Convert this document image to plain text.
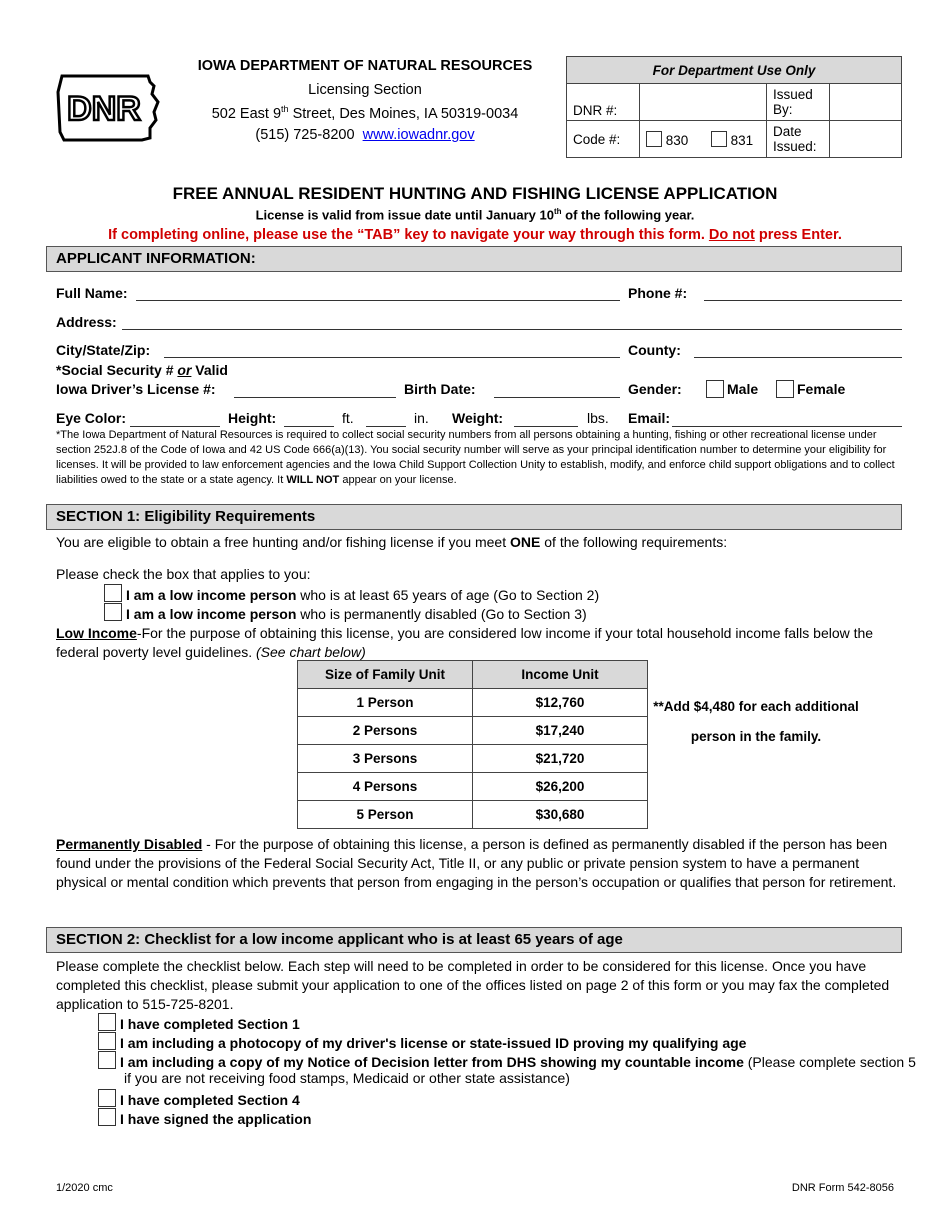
DNR
IOWA DEPARTMENT OF NATURAL RESOURCES
Licensing Section
502 East 9th Street, Des Moines, IA 50319-0034
(515) 725-8200 www.iowadnr.gov
For Department Use Only			
DNR #:		Issued By:	
Code #:	830 831	Date Issued:	
FREE ANNUAL RESIDENT HUNTING AND FISHING LICENSE APPLICATION
License is valid from issue date until January 10th of the following year.
If completing online, please use the “TAB” key to navigate your way through this form. Do not press Enter.
APPLICANT INFORMATION:
Full Name:	Phone #:
Address:
City/State/Zip:	County:
*Social Security # or Valid
Iowa Driver’s License #:	Birth Date:	Gender:	Male	Female
Eye Color:	Height:	ft.	in. Weight:	lbs. Email:
*The Iowa Department of Natural Resources is required to collect social security numbers from all persons obtaining a hunting, fishing or other recreational license under section 252J.8 of the Code of Iowa and 42 US Code 666(a)(13). You social security number will serve as your principal identification number to determine your eligibility for licenses. It will be provided to law enforcement agencies and the Iowa Child Support Collection Unity to establish, modify, and enforce child support obligations and to collect liabilities owed to the state or a state agency. It WILL NOT appear on your license.
SECTION 1: Eligibility Requirements
You are eligible to obtain a free hunting and/or fishing license if you meet ONE of the following requirements:
Please check the box that applies to you:
I am a low income person who is at least 65 years of age (Go to Section 2)
I am a low income person who is permanently disabled (Go to Section 3)
Low Income-For the purpose of obtaining this license, you are considered low income if your total household income falls below the federal poverty level guidelines. (See chart below)
Size of Family Unit	Income Unit
1 Person	$12,760
2 Persons	$17,240
3 Persons	$21,720
4 Persons	$26,200
5 Person	$30,680
**Add $4,480 for each additional
person in the family.
Permanently Disabled - For the purpose of obtaining this license, a person is defined as permanently disabled if the person has been found under the provisions of the Federal Social Security Act, Title II, or any public or private pension system to have a permanent physical or mental condition which prevents that person from engaging in the person’s occupation or qualifies that person for retirement.
SECTION 2: Checklist for a low income applicant who is at least 65 years of age
Please complete the checklist below. Each step will need to be completed in order to be considered for this license. Once you have completed this checklist, please submit your application to one of the offices listed on page 2 of this form or you may fax the completed application to 515-725-8201.
I have completed Section 1
I am including a photocopy of my driver's license or state-issued ID proving my qualifying age
I am including a copy of my Notice of Decision letter from DHS showing my countable income (Please complete section 5
if you are not receiving food stamps, Medicaid or other state assistance)
I have completed Section 4
I have signed the application
1/2020 cmc	DNR Form 542-8056
